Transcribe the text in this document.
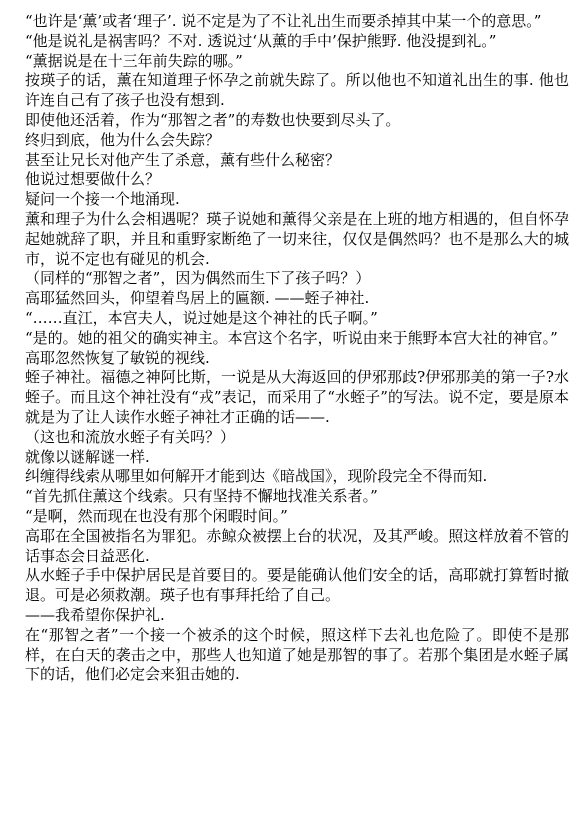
“也许是‘薰’或者‘理子’. 说不定是为了不让礼出生而要杀掉其中某一个的意思。”

“他是说礼是祸害吗？不对. 透说过‘从薰的手中’保护熊野. 他没提到礼。”

“薰据说是在十三年前失踪的哪。”

按瑛子的话，薰在知道理子怀孕之前就失踪了。所以他也不知道礼出生的事. 他也许连自己有了孩子也没有想到.

即使他还活着，作为“那智之者”的寿数也快要到尽头了。

终归到底，他为什么会失踪？

甚至让兄长对他产生了杀意，薰有些什么秘密？

他说过想要做什么？

疑问一个接一个地涌现.

薰和理子为什么会相遇呢？瑛子说她和薰得父亲是在上班的地方相遇的，但自怀孕起她就辞了职，并且和重野家断绝了一切来往，仅仅是偶然吗？也不是那么大的城市，说不定也有碰见的机会.

（同样的“那智之者”，因为偶然而生下了孩子吗？）

高耶猛然回头，仰望着鸟居上的匾额. ——蛭子神社.

“……直江，本宫夫人，说过她是这个神社的氏子啊。”

“是的。她的祖父的确实神主。本宫这个名字，听说由来于熊野本宫大社的神官。”

高耶忽然恢复了敏锐的视线.

蛭子神社。福德之神阿比斯，一说是从大海返回的伊邪那歧?伊邪那美的第一子?水蛭子。而且这个神社没有“戎”表记，而采用了“水蛭子”的写法。说不定，要是原本就是为了让人读作水蛭子神社才正确的话——.

（这也和流放水蛭子有关吗？）

就像以谜解谜一样.

纠缠得线索从哪里如何解开才能到达《暗战国》，现阶段完全不得而知.

“首先抓住薰这个线索。只有坚持不懈地找准关系者。”

“是啊，然而现在也没有那个闲暇时间。”

高耶在全国被指名为罪犯。赤鲸众被摆上台的状况，及其严峻。照这样放着不管的话事态会日益恶化.

从水蛭子手中保护居民是首要目的。要是能确认他们安全的话，高耶就打算暂时撤退。可是必须救潮。瑛子也有事拜托给了自己。

——我希望你保护礼.

在“那智之者”一个接一个被杀的这个时候，照这样下去礼也危险了。即使不是那样，在白天的袭击之中，那些人也知道了她是那智的事了。若那个集团是水蛭子属下的话，他们必定会来狙击她的.
